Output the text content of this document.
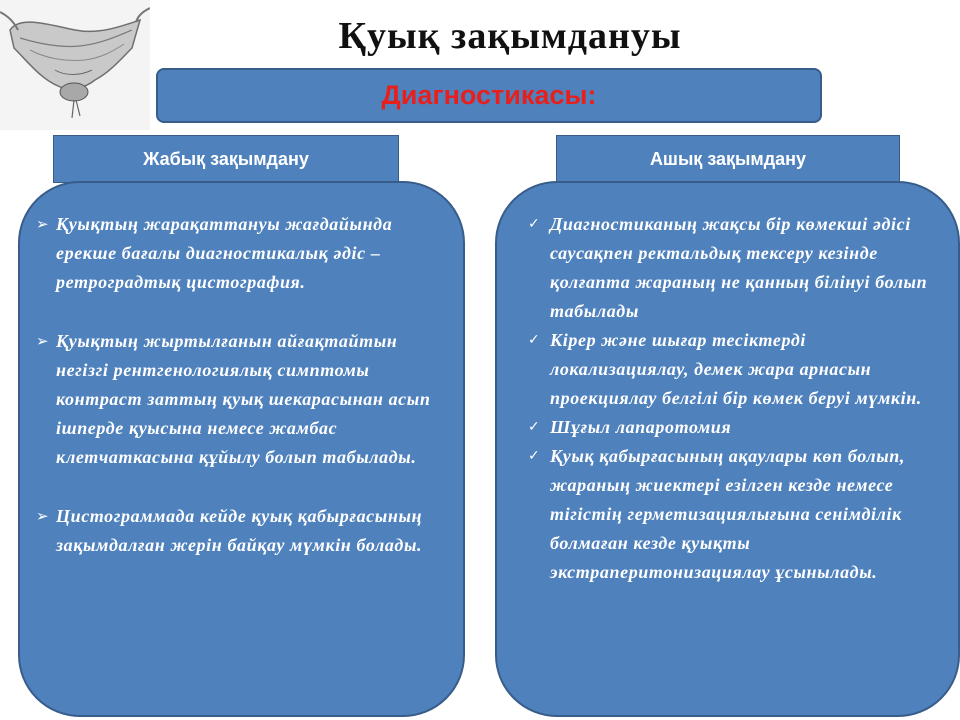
Қуық зақымдануы
Диагностикасы:
Жабық зақымдану	Ашық зақымдану
➢ Қуықтың жарақаттануы жағдайында ерекше бағалы диагностикалық әдіс – ретроградтық цистография.
➢ Қуықтың жыртылғанын айғақтайтын негізгі рентгенологиялық симптомы контраст заттың қуық шекарасынан асып ішперде қуысына немесе жамбас клетчаткасына құйылу болып табылады.
➢ Цистограммада кейде қуық қабырғасының зақымдалған жерін байқау мүмкін болады.
✓ Диагностиканың жақсы бір көмекші әдісі саусақпен ректальдық тексеру кезінде қолғапта жараның не қанның білінуі болып табылады
✓ Кірер және шығар тесіктерді локализациялау, демек жара арнасын проекциялау белгілі бір көмек беруі мүмкін.
✓ Шұғыл лапаротомия
✓ Қуық қабырғасының ақаулары көп болып, жараның жиектері езілген кезде немесе тігістің герметизациялығына сенімділік болмаған кезде қуықты экстраперитонизациялау ұсынылады.
